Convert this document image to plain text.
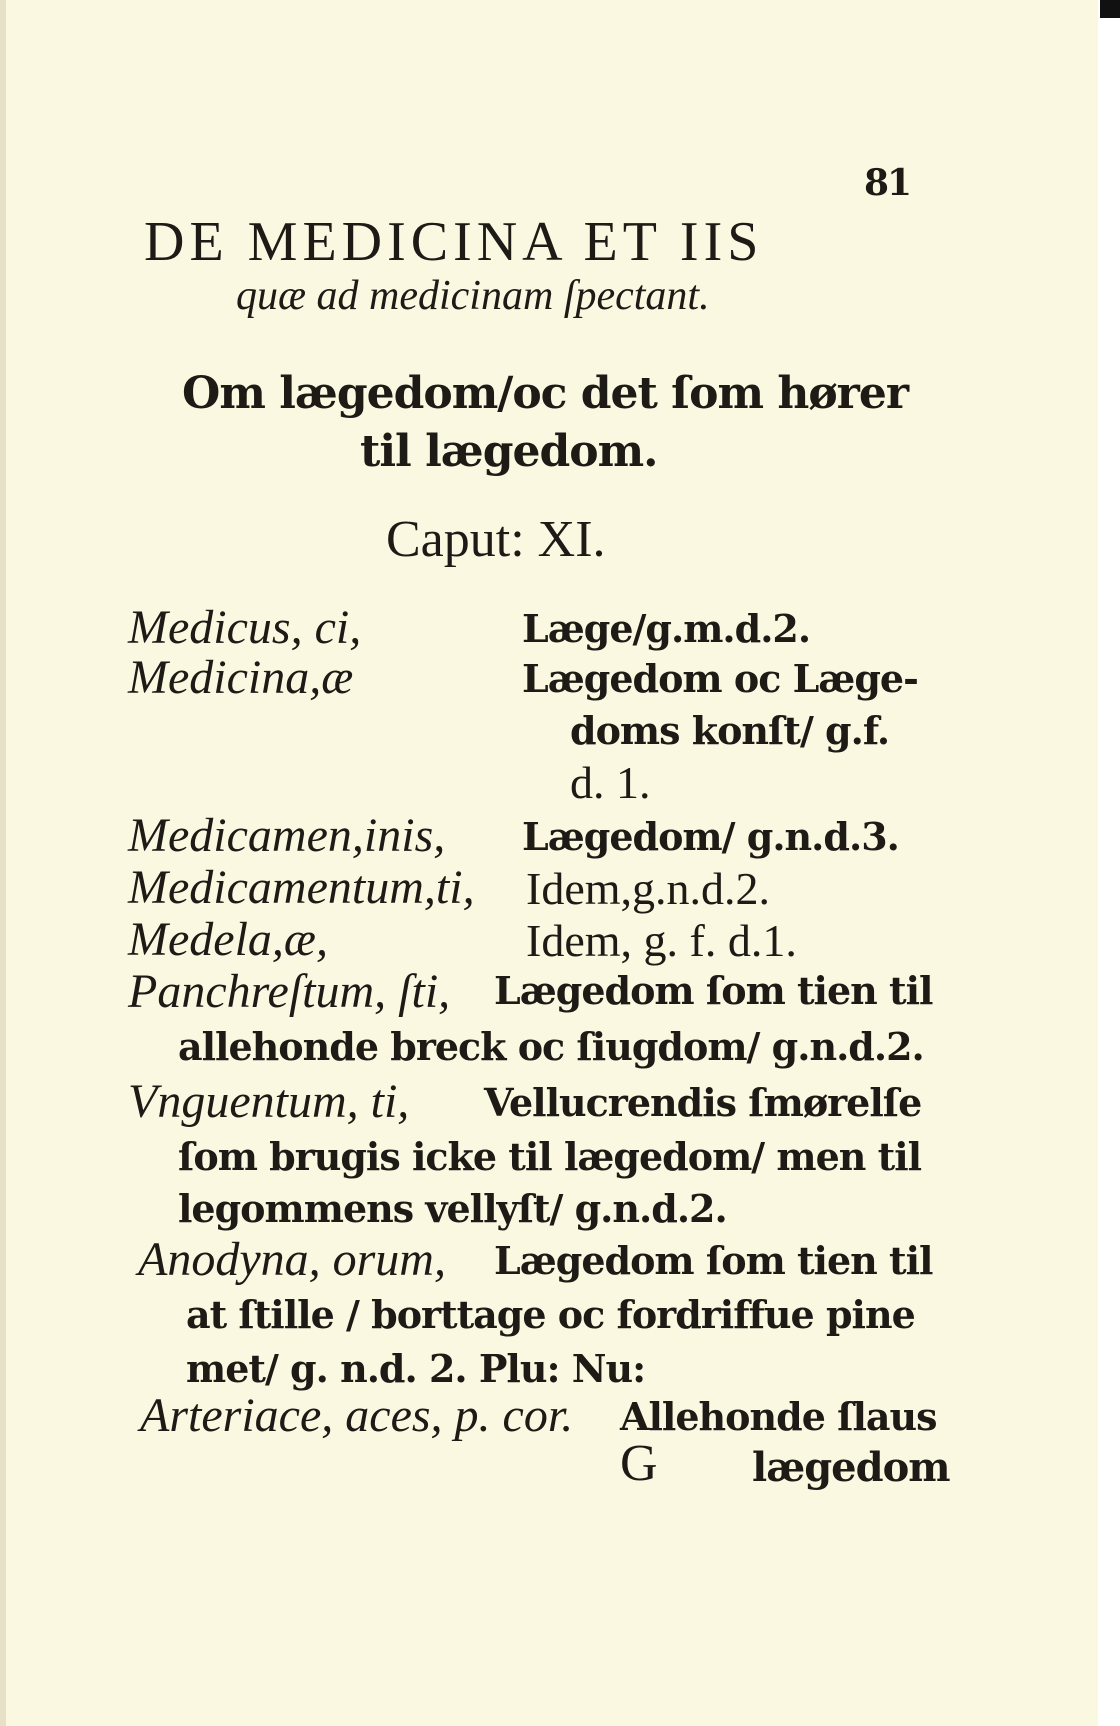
81
DE MEDICINA ET IIS
quæ ad medicinam ſpectant.
Om lægedom/oc det ſom hører
til lægedom.
Caput: XI.
Medicus, ci,	Læge/g.m.d.2.
Medicina,æ	Lægedom oc Læge-
doms konſt/ g.f.
d. 1.
Medicamen,inis, Lægedom/ g.n.d.3.
Medicamentum,ti, Idem,g.n.d.2.
Medela,æ,	Idem, g. f. d.1.
Panchreſtum, ſti, Lægedom ſom tien til
allehonde breck oc ſiugdom/ g.n.d.2.
Vnguentum, ti, Vellucrendis ſmørelſe
ſom brugis icke til lægedom/ men til
legommens vellyſt/ g.n.d.2.
Anodyna, orum, Lægedom ſom tien til
at ſtille / borttage oc fordriffue pine
met/ g. n.d. 2. Plu: Nu:
Arteriace, aces, p. cor. Allehonde ſlaus
G lægedom
